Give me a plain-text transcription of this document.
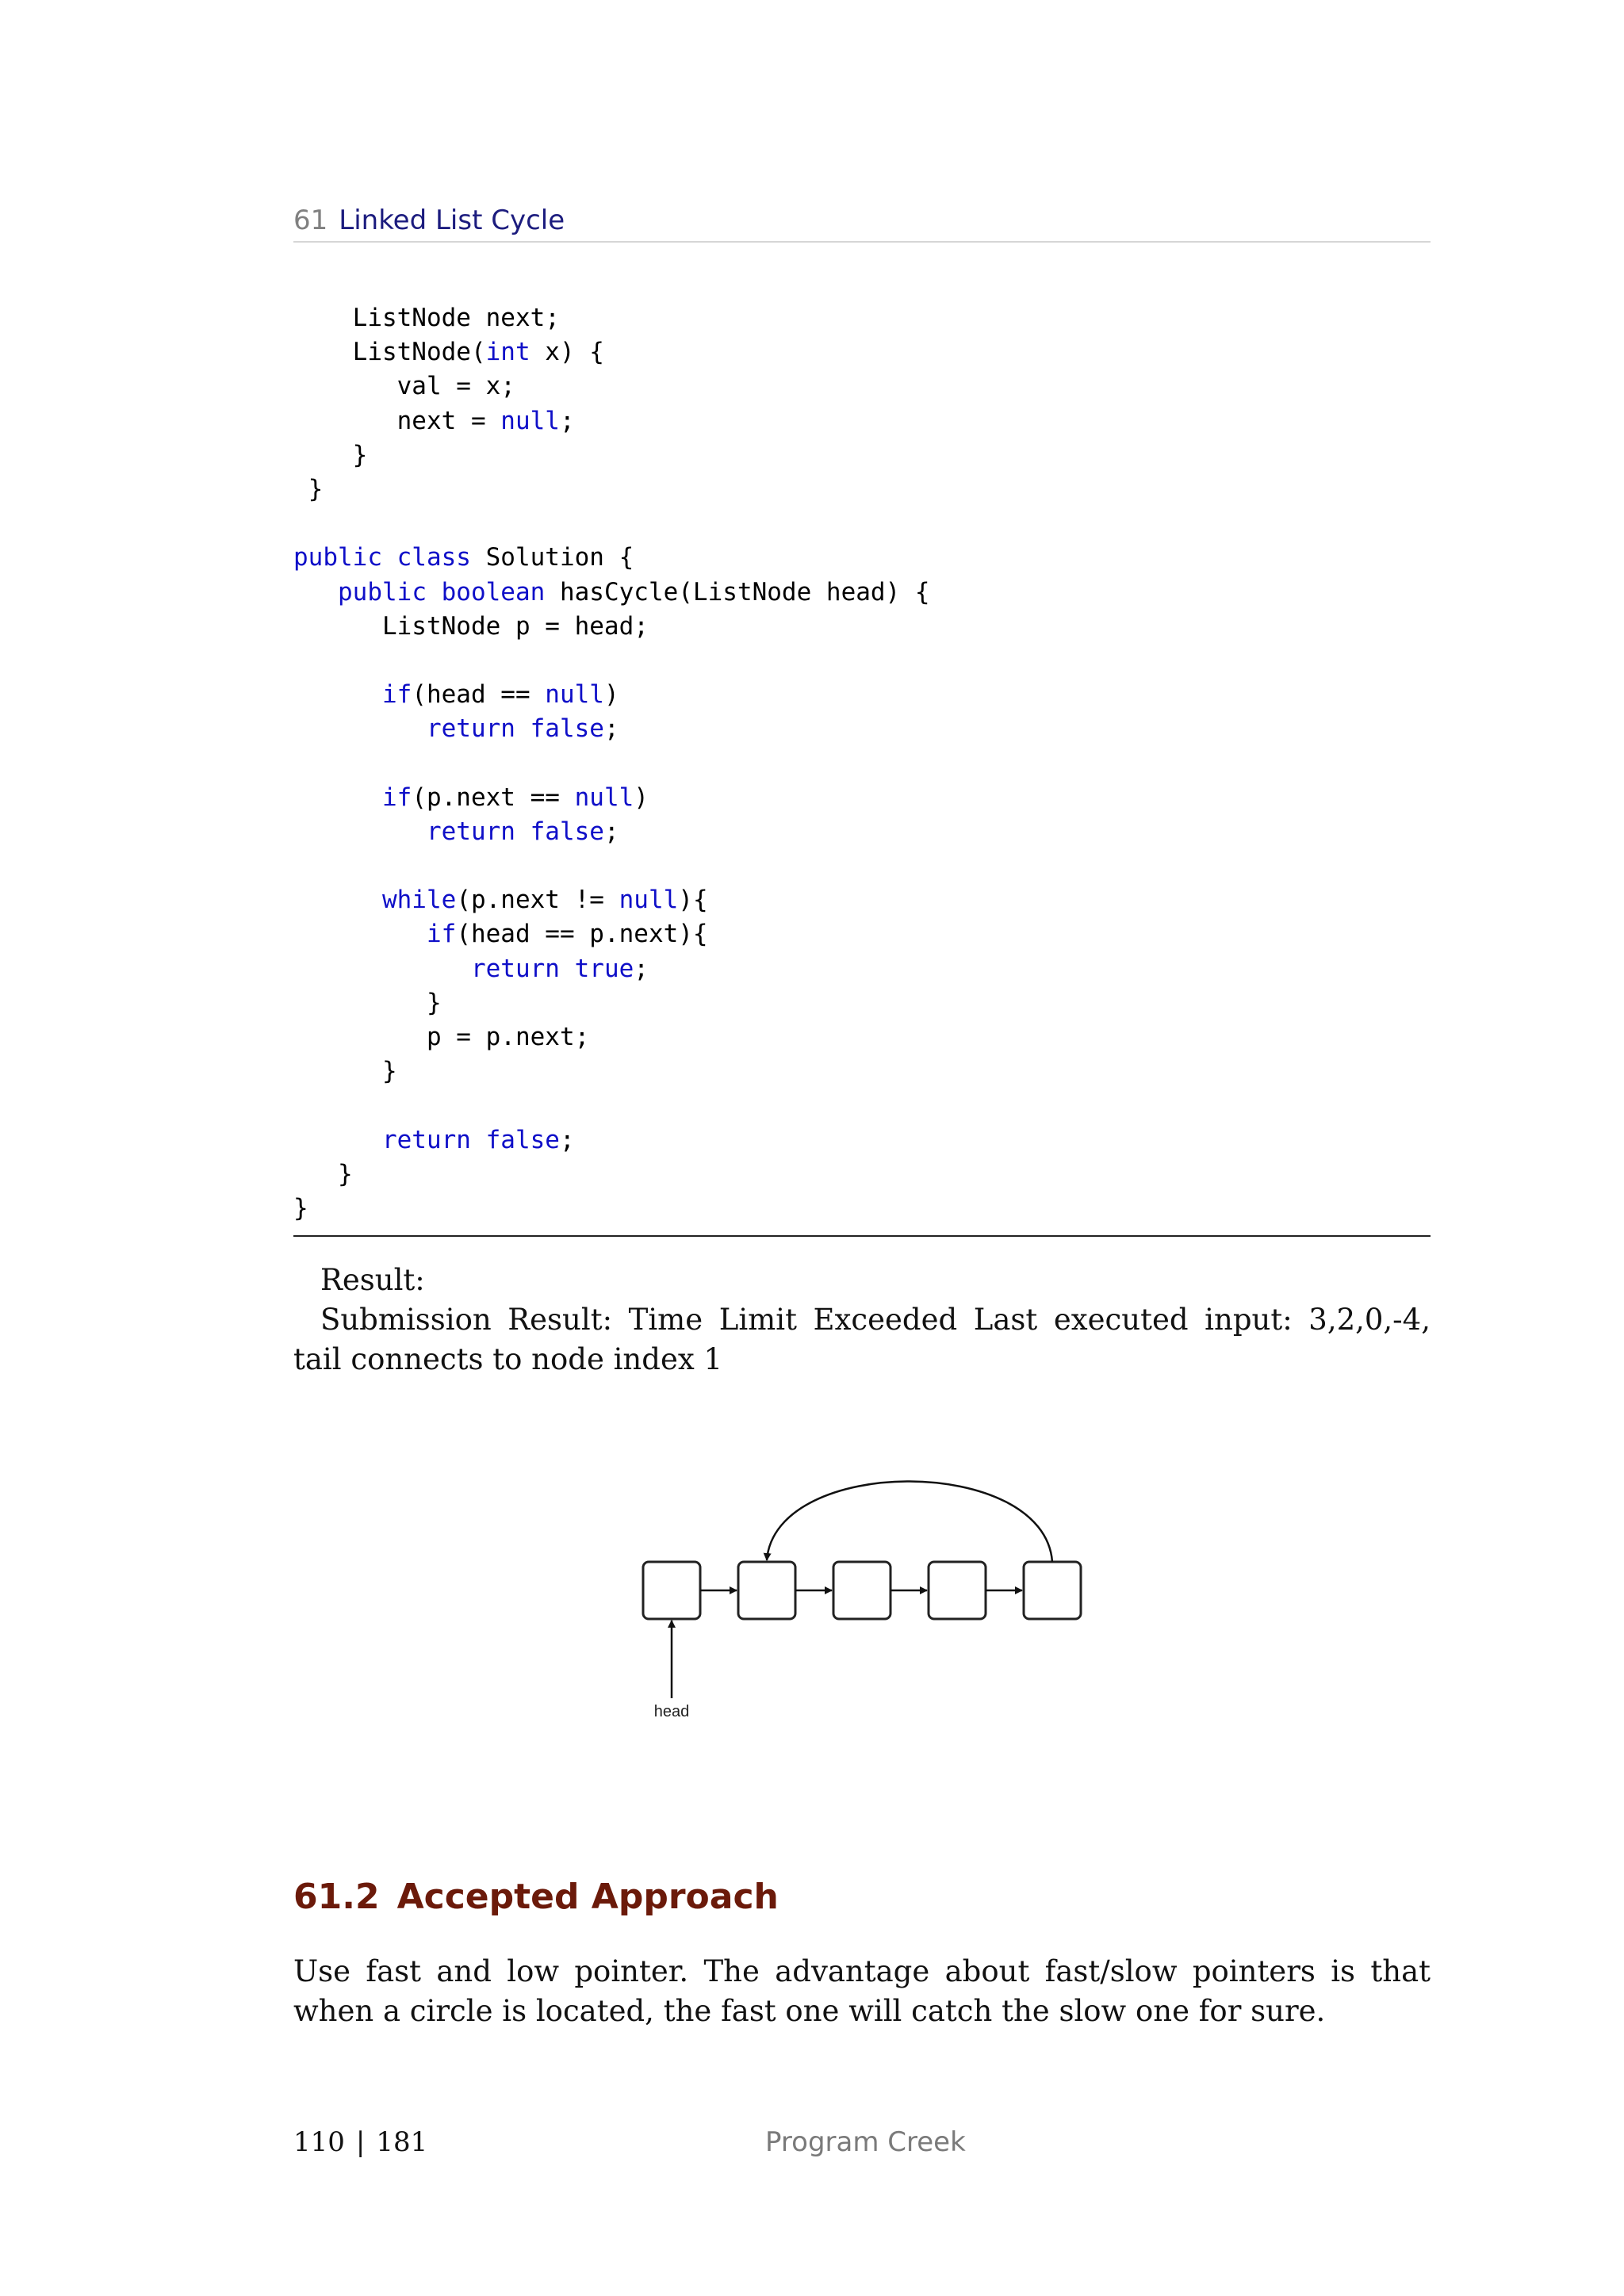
61 Linked List Cycle
ListNode next;
ListNode(int x) {
val = x;
next = null;
}
}
public class Solution {
public boolean hasCycle(ListNode head) {
ListNode p = head;
if(head == null)
return false;
if(p.next == null)
return false;
while(p.next != null){
if(head == p.next){
return true;
}
p = p.next;
}
return false;
}
}

Result:

Submission Result: Time Limit Exceeded Last executed input: 3,2,0,-4, tail connects to node index 1

head
61.2 Accepted Approach

Use fast and low pointer. The advantage about fast/slow pointers is that when a circle is located, the fast one will catch the slow one for sure.

110 | 181	Program Creek
